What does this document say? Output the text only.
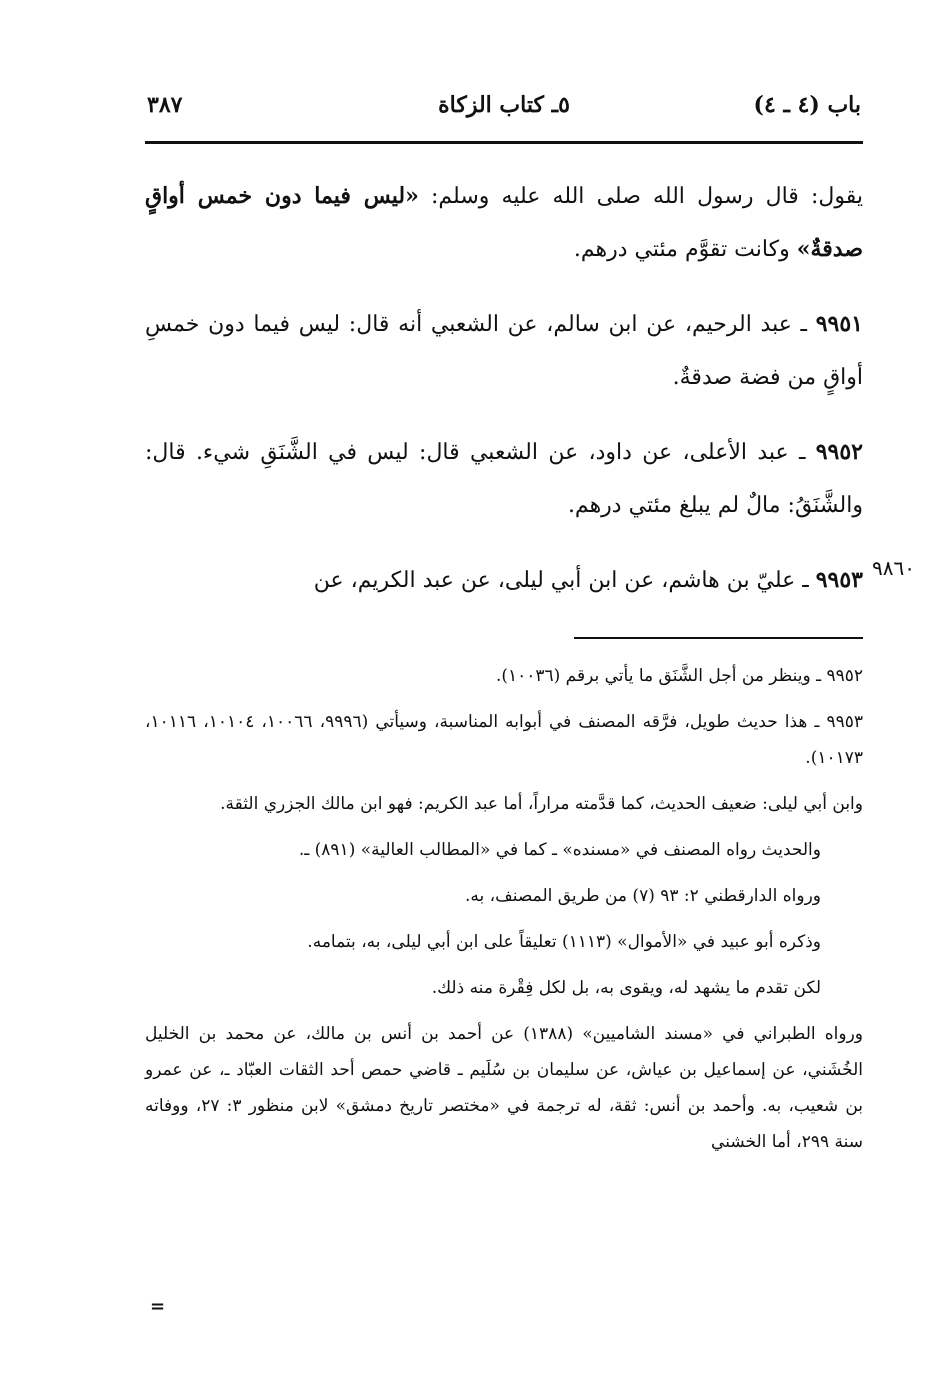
باب (٤ ـ ٤)
٥ـ كتاب الزكاة
٣٨٧

يقول: قال رسول الله صلى الله عليه وسلم: «ليس فيما دون خمس أواقٍ صدقةٌ» وكانت تقوَّم مئتي درهم.

٩٩٥١ ـ عبد الرحيم، عن ابن سالم، عن الشعبي أنه قال: ليس فيما دون خمسِ أواقٍ من فضة صدقةٌ.

٩٩٥٢ ـ عبد الأعلى، عن داود، عن الشعبي قال: ليس في الشَّنَقِ شيء. قال: والشَّنَقُ: مالٌ لم يبلغ مئتي درهم.

٩٩٥٣ ـ عليّ بن هاشم، عن ابن أبي ليلى، عن عبد الكريم، عن	٩٨٦٠

٩٩٥٢ ـ وينظر من أجل الشَّنَق ما يأتي برقم (١٠٠٣٦).

٩٩٥٣ ـ هذا حديث طويل، فرَّقه المصنف في أبوابه المناسبة، وسيأتي (٩٩٩٦، ١٠٠٦٦، ١٠١٠٤، ١٠١١٦، ١٠١٧٣).

وابن أبي ليلى: ضعيف الحديث، كما قدَّمته مراراً، أما عبد الكريم: فهو ابن مالك الجزري الثقة.

والحديث رواه المصنف في «مسنده» ـ كما في «المطالب العالية» (٨٩١) ـ.

ورواه الدارقطني ٢: ٩٣ (٧) من طريق المصنف، به.

وذكره أبو عبيد في «الأموال» (١١١٣) تعليقاً على ابن أبي ليلى، به، بتمامه.

لكن تقدم ما يشهد له، ويقوى به، بل لكل فِقْرة منه ذلك.

ورواه الطبراني في «مسند الشاميين» (١٣٨٨) عن أحمد بن أنس بن مالك، عن محمد بن الخليل الخُشَني، عن إسماعيل بن عياش، عن سليمان بن سُلَيم ـ قاضي حمص أحد الثقات العبّاد ـ، عن عمرو بن شعيب، به. وأحمد بن أنس: ثقة، له ترجمة في «مختصر تاريخ دمشق» لابن منظور ٣: ٢٧، ووفاته سنة ٢٩٩، أما الخشني

=
